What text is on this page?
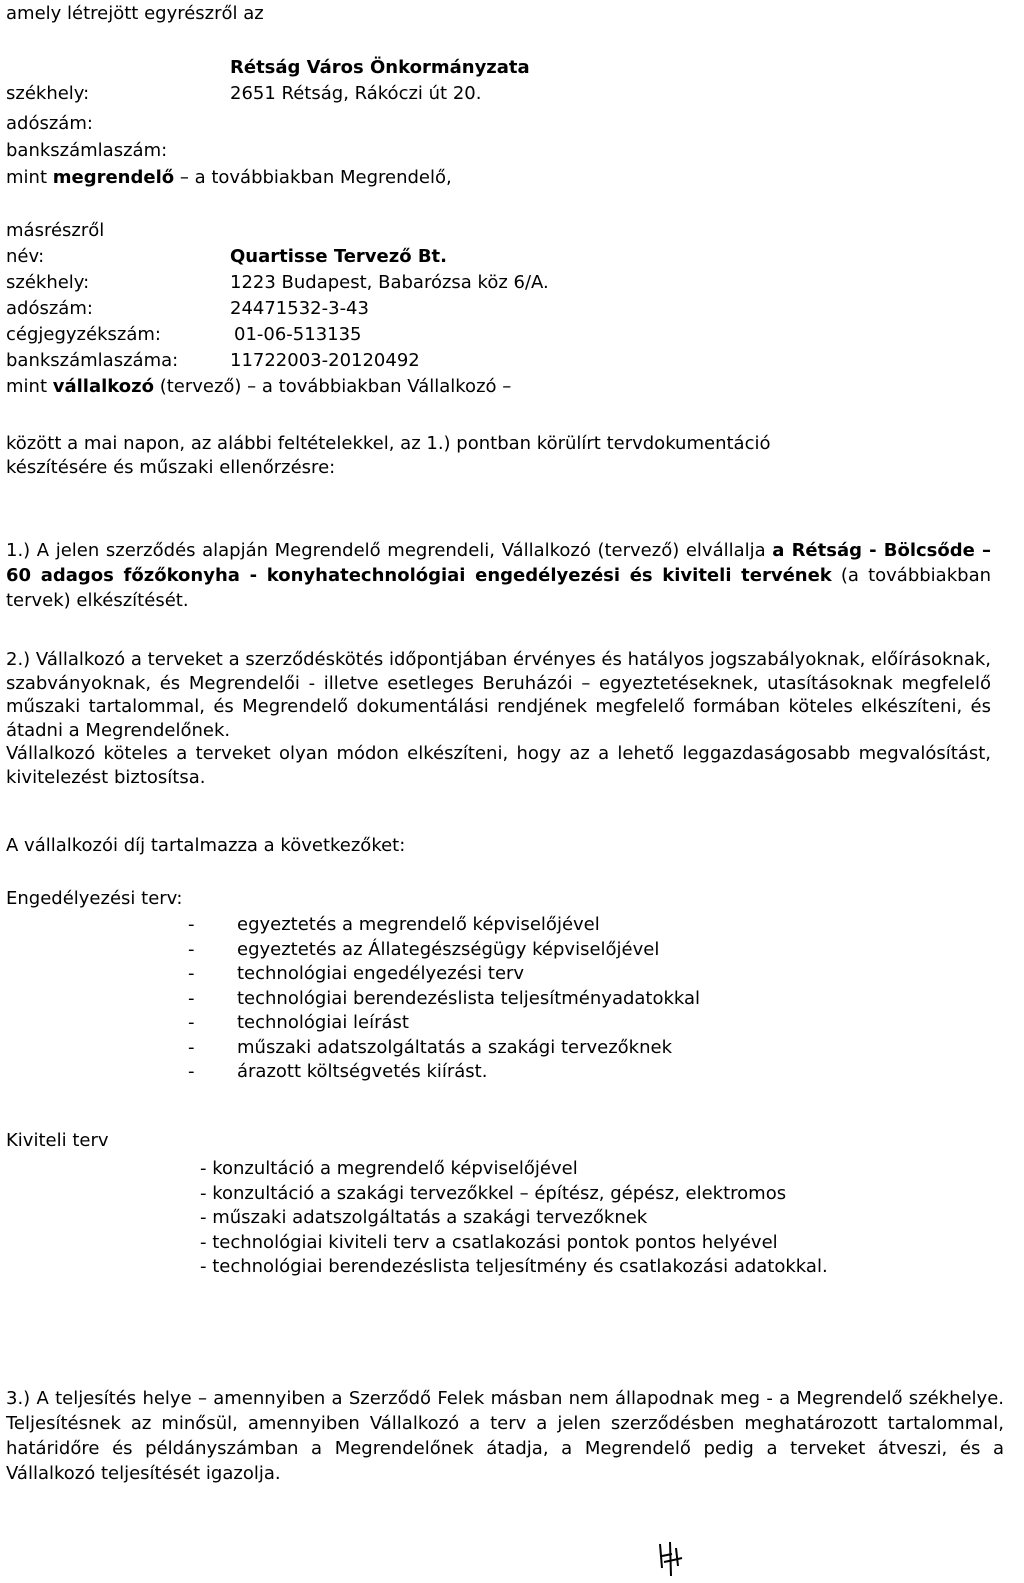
amely létrejött egyrészről az
Rétság Város Önkormányzata
székhely:	2651 Rétság, Rákóczi út 20.
adószám:
bankszámlaszám:
mint megrendelő – a továbbiakban Megrendelő,
másrészről
név:	Quartisse Tervező Bt.
székhely:	1223 Budapest, Babarózsa köz 6/A.
adószám:	24471532-3-43
cégjegyzékszám:	01-06-513135
bankszámlaszáma:	11722003-20120492
mint vállalkozó (tervező) – a továbbiakban Vállalkozó –
között a mai napon, az alábbi feltételekkel, az 1.) pontban körülírt tervdokumentáció
készítésére és műszaki ellenőrzésre:
1.) A jelen szerződés alapján Megrendelő megrendeli, Vállalkozó (tervező) elvállalja a Rétság - Bölcsőde – 60 adagos főzőkonyha - konyhatechnológiai engedélyezési és kiviteli tervének (a továbbiakban tervek) elkészítését.
2.) Vállalkozó a terveket a szerződéskötés időpontjában érvényes és hatályos jogszabályoknak, előírásoknak, szabványoknak, és Megrendelői - illetve esetleges Beruházói – egyeztetéseknek, utasításoknak megfelelő műszaki tartalommal, és Megrendelő dokumentálási rendjének megfelelő formában köteles elkészíteni, és átadni a Megrendelőnek.
Vállalkozó köteles a terveket olyan módon elkészíteni, hogy az a lehető leggazdaságosabb megvalósítást, kivitelezést biztosítsa.
A vállalkozói díj tartalmazza a következőket:
Engedélyezési terv:
- egyeztetés a megrendelő képviselőjével
- egyeztetés az Állategészségügy képviselőjével
- technológiai engedélyezési terv
- technológiai berendezéslista teljesítményadatokkal
- technológiai leírást
- műszaki adatszolgáltatás a szakági tervezőknek
- árazott költségvetés kiírást.
Kiviteli terv
- konzultáció a megrendelő képviselőjével
- konzultáció a szakági tervezőkkel – építész, gépész, elektromos
- műszaki adatszolgáltatás a szakági tervezőknek
- technológiai kiviteli terv a csatlakozási pontok pontos helyével
- technológiai berendezéslista teljesítmény és csatlakozási adatokkal.
3.) A teljesítés helye – amennyiben a Szerződő Felek másban nem állapodnak meg - a Megrendelő székhelye. Teljesítésnek az minősül, amennyiben Vállalkozó a terv a jelen szerződésben meghatározott tartalommal, határidőre és példányszámban a Megrendelőnek átadja, a Megrendelő pedig a terveket átveszi, és a Vállalkozó teljesítését igazolja.
